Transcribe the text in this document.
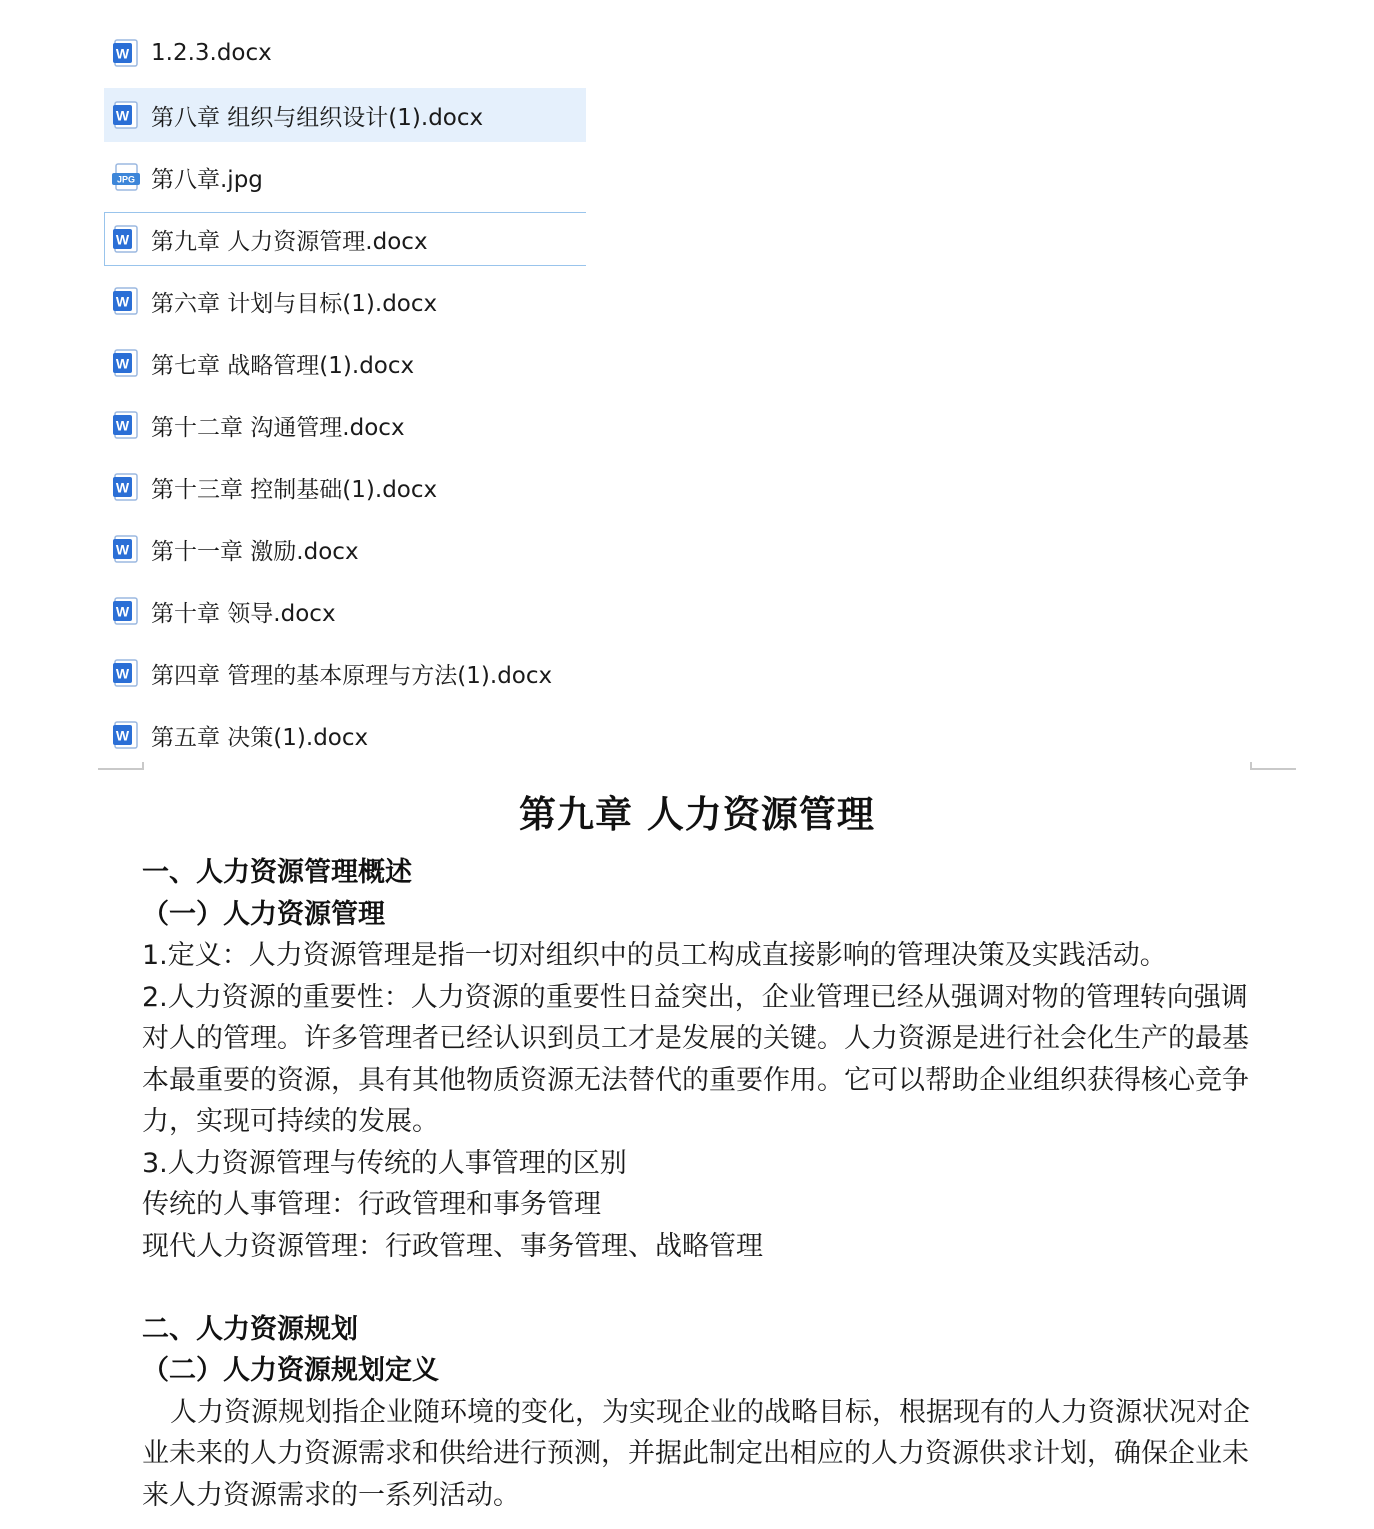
W 1.2.3.docx
W 第八章 组织与组织设计(1).docx
JPG 第八章.jpg
W 第九章 人力资源管理.docx
W 第六章 计划与目标(1).docx
W 第七章 战略管理(1).docx
W 第十二章 沟通管理.docx
W 第十三章 控制基础(1).docx
W 第十一章 激励.docx
W 第十章 领导.docx
W 第四章 管理的基本原理与方法(1).docx
W 第五章 决策(1).docx
第九章 人力资源管理

一、人力资源管理概述

（一）人力资源管理

1.定义：人力资源管理是指一切对组织中的员工构成直接影响的管理决策及实践活动。

2.人力资源的重要性：人力资源的重要性日益突出，企业管理已经从强调对物的管理转向强调对人的管理。许多管理者已经认识到员工才是发展的关键。人力资源是进行社会化生产的最基本最重要的资源，具有其他物质资源无法替代的重要作用。它可以帮助企业组织获得核心竞争力，实现可持续的发展。

3.人力资源管理与传统的人事管理的区别

传统的人事管理：行政管理和事务管理

现代人力资源管理：行政管理、事务管理、战略管理

二、人力资源规划

（二）人力资源规划定义

人力资源规划指企业随环境的变化，为实现企业的战略目标，根据现有的人力资源状况对企业未来的人力资源需求和供给进行预测，并据此制定出相应的人力资源供求计划，确保企业未来人力资源需求的一系列活动。
